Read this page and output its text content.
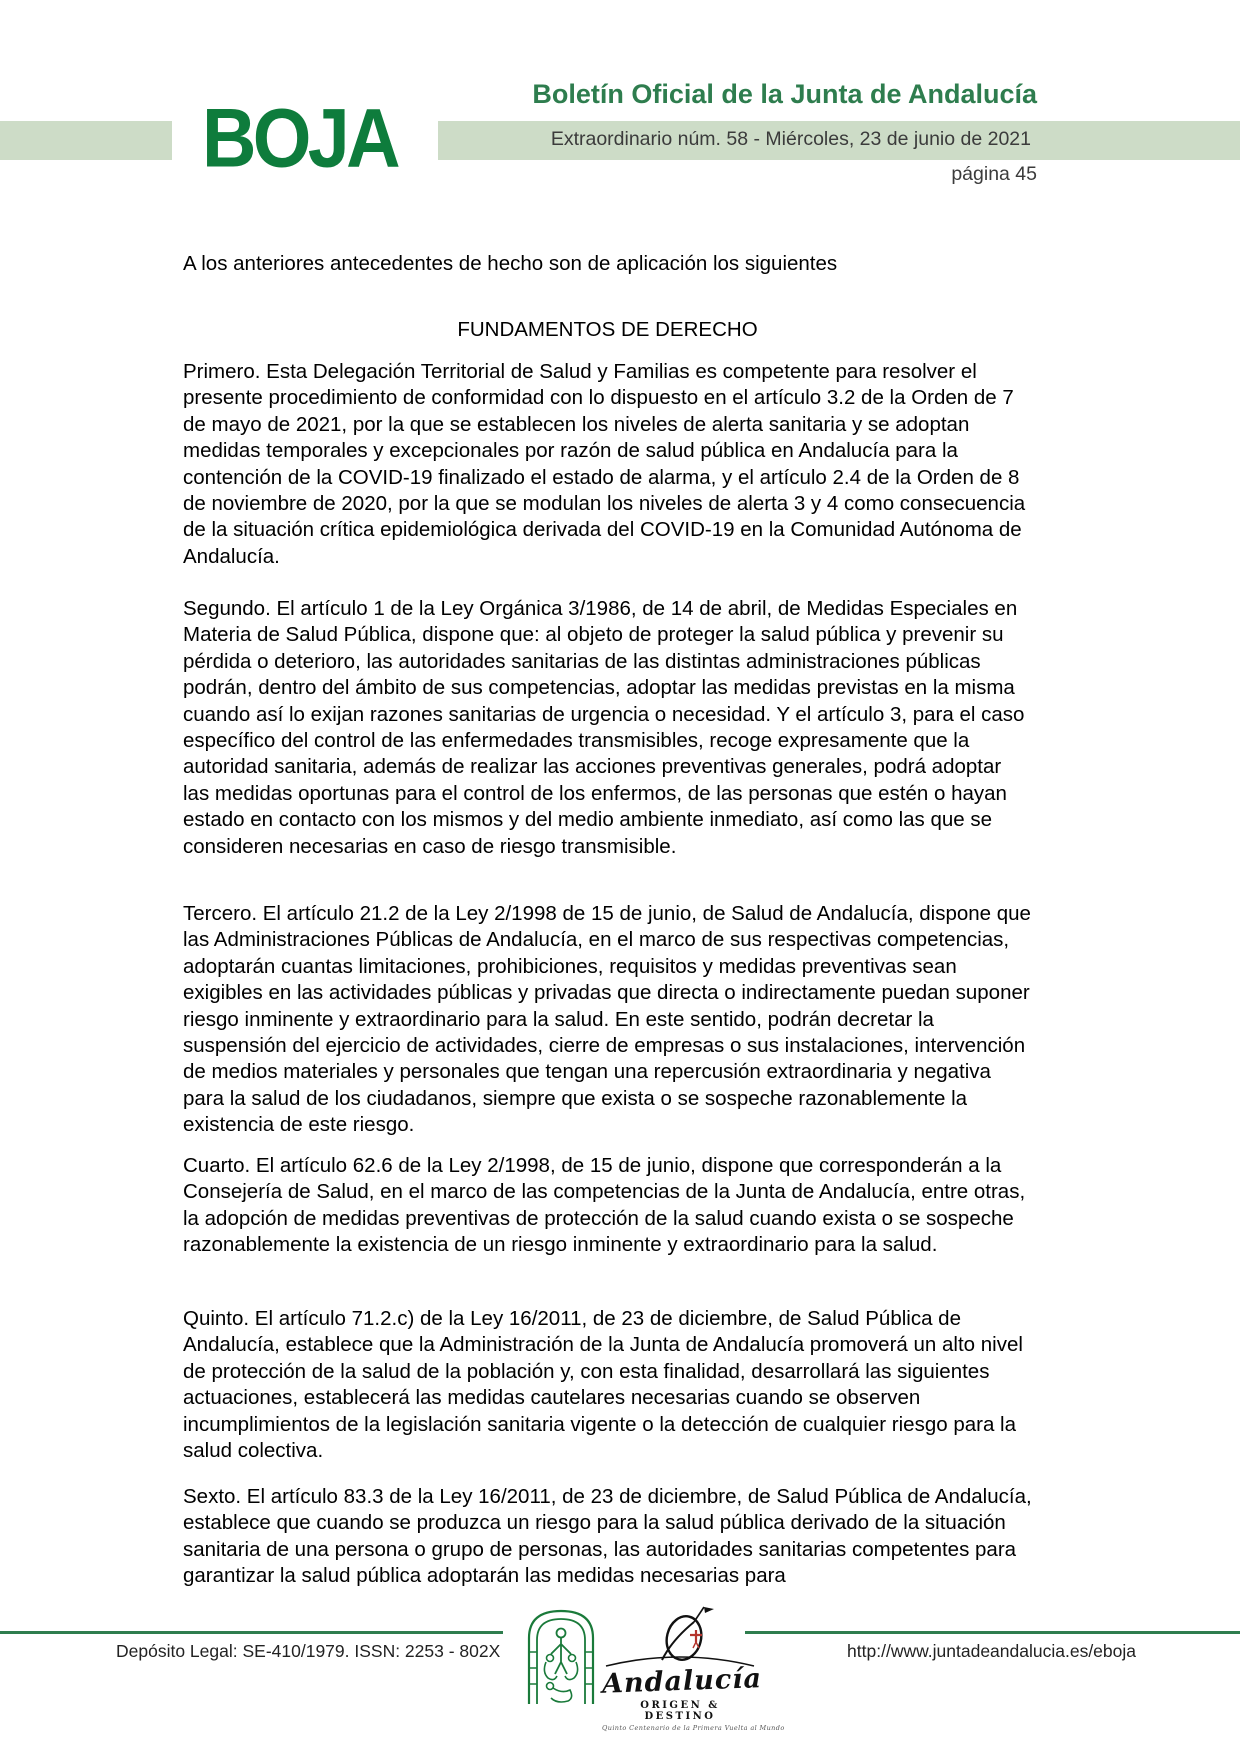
BOJA	Boletín Oficial de la Junta de Andalucía
Extraordinario núm. 58 - Miércoles, 23 de junio de 2021
página 45

A los anteriores antecedentes de hecho son de aplicación los siguientes

FUNDAMENTOS DE DERECHO

Primero. Esta Delegación Territorial de Salud y Familias es competente para resolver el presente procedimiento de conformidad con lo dispuesto en el artículo 3.2 de la Orden de 7 de mayo de 2021, por la que se establecen los niveles de alerta sanitaria y se adoptan medidas temporales y excepcionales por razón de salud pública en Andalucía para la contención de la COVID-19 finalizado el estado de alarma, y el artículo 2.4 de la Orden de 8 de noviembre de 2020, por la que se modulan los niveles de alerta 3 y 4 como consecuencia de la situación crítica epidemiológica derivada del COVID-19 en la Comunidad Autónoma de Andalucía.

Segundo. El artículo 1 de la Ley Orgánica 3/1986, de 14 de abril, de Medidas Especiales en Materia de Salud Pública, dispone que: al objeto de proteger la salud pública y prevenir su pérdida o deterioro, las autoridades sanitarias de las distintas administraciones públicas podrán, dentro del ámbito de sus competencias, adoptar las medidas previstas en la misma cuando así lo exijan razones sanitarias de urgencia o necesidad. Y el artículo 3, para el caso específico del control de las enfermedades transmisibles, recoge expresamente que la autoridad sanitaria, además de realizar las acciones preventivas generales, podrá adoptar las medidas oportunas para el control de los enfermos, de las personas que estén o hayan estado en contacto con los mismos y del medio ambiente inmediato, así como las que se consideren necesarias en caso de riesgo transmisible.

Tercero. El artículo 21.2 de la Ley 2/1998 de 15 de junio, de Salud de Andalucía, dispone que las Administraciones Públicas de Andalucía, en el marco de sus respectivas competencias, adoptarán cuantas limitaciones, prohibiciones, requisitos y medidas preventivas sean exigibles en las actividades públicas y privadas que directa o indirectamente puedan suponer riesgo inminente y extraordinario para la salud. En este sentido, podrán decretar la suspensión del ejercicio de actividades, cierre de empresas o sus instalaciones, intervención de medios materiales y personales que tengan una repercusión extraordinaria y negativa para la salud de los ciudadanos, siempre que exista o se sospeche razonablemente la existencia de este riesgo.

Cuarto. El artículo 62.6 de la Ley 2/1998, de 15 de junio, dispone que corresponderán a la Consejería de Salud, en el marco de las competencias de la Junta de Andalucía, entre otras, la adopción de medidas preventivas de protección de la salud cuando exista o se sospeche razonablemente la existencia de un riesgo inminente y extraordinario para la salud.

Quinto. El artículo 71.2.c) de la Ley 16/2011, de 23 de diciembre, de Salud Pública de Andalucía, establece que la Administración de la Junta de Andalucía promoverá un alto nivel de protección de la salud de la población y, con esta finalidad, desarrollará las siguientes actuaciones, establecerá las medidas cautelares necesarias cuando se observen incumplimientos de la legislación sanitaria vigente o la detección de cualquier riesgo para la salud colectiva.

Sexto. El artículo 83.3 de la Ley 16/2011, de 23 de diciembre, de Salud Pública de Andalucía, establece que cuando se produzca un riesgo para la salud pública derivado de la situación sanitaria de una persona o grupo de personas, las autoridades sanitarias competentes para garantizar la salud pública adoptarán las medidas necesarias para

Depósito Legal: SE-410/1979. ISSN: 2253 - 802X	http://www.juntadeandalucia.es/eboja
Andalucía
ORIGEN & DESTINO
Quinto Centenario de la Primera Vuelta al Mundo
